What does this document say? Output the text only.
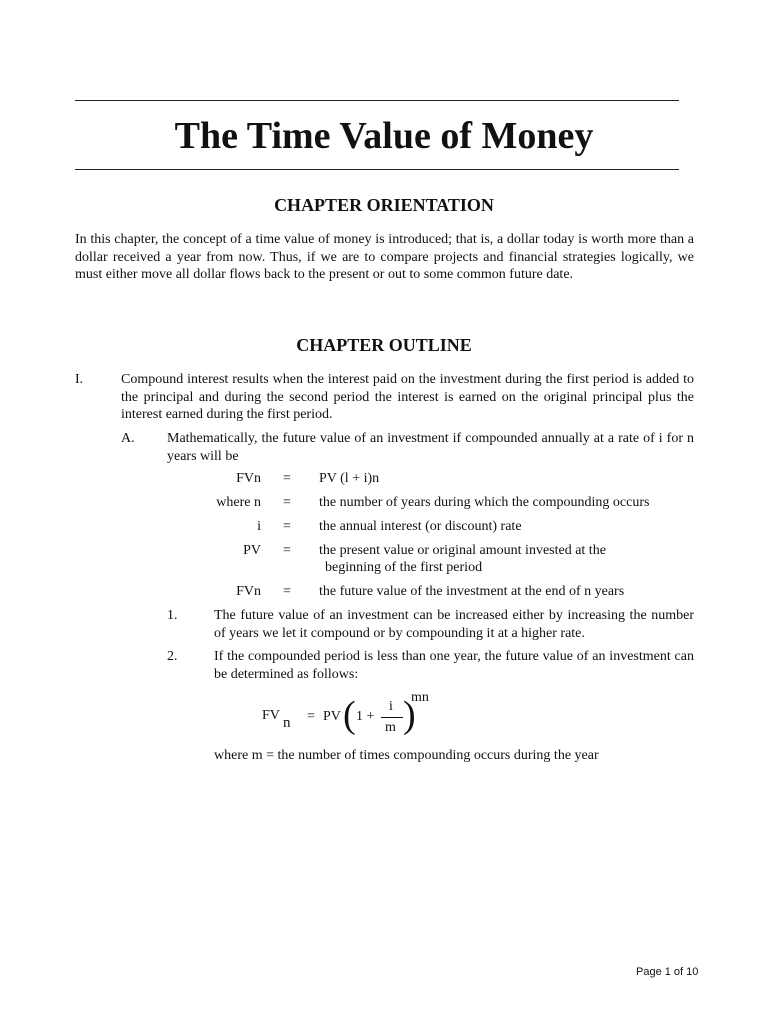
The Time Value of Money
CHAPTER ORIENTATION
In this chapter, the concept of a time value of money is introduced; that is, a dollar today is worth more than a dollar received a year from now. Thus, if we are to compare projects and financial strategies logically, we must either move all dollar flows back to the present or out to some common future date.
CHAPTER OUTLINE
I.	Compound interest results when the interest paid on the investment during the first period is added to the principal and during the second period the interest is earned on the original principal plus the interest earned during the first period.
A. Mathematically, the future value of an investment if compounded annually at a rate of i for n years will be
FVn = PV (l + i)n
where n = the number of years during which the compounding occurs
i = the annual interest (or discount) rate
PV = the present value or original amount invested at the
beginning of the first period
FVn = the future value of the investment at the end of n years
1.	The future value of an investment can be increased either by increasing the number of years we let it compound or by compounding it at a higher rate.
2.	If the compounded period is less than one year, the future value of an investment can be determined as follows:
FV n = PV ( 1 +
i
m )
mn
where m = the number of times compounding occurs during the year
Page 1 of 10
